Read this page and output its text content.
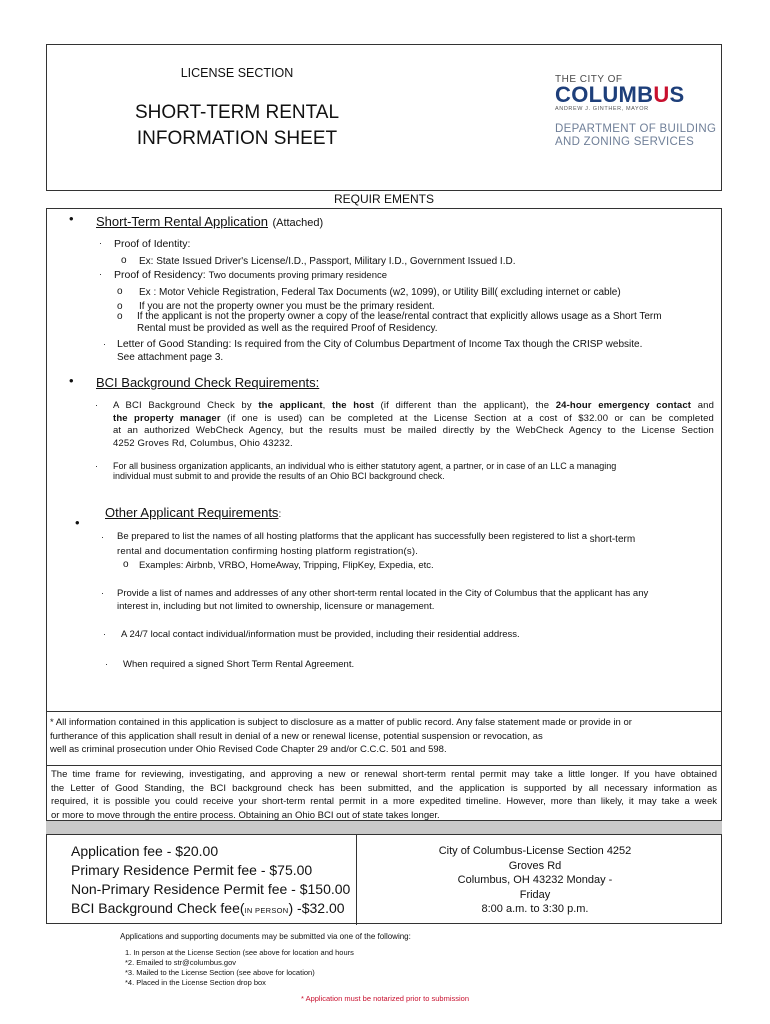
LICENSE SECTION
SHORT-TERM RENTAL
INFORMATION SHEET
THE CITY OF
COLUMBUS
ANDREW J. GINTHER, MAYOR
DEPARTMENT OF BUILDING
AND ZONING SERVICES
REQUIR EMENTS
• Short-Term Rental Application (Attached)
· Proof of Identity:
o Ex: State Issued Driver's License/I.D., Passport, Military I.D., Government Issued I.D.
· Proof of Residency: Two documents proving primary residence
o Ex : Motor Vehicle Registration, Federal Tax Documents (w2, 1099), or Utility Bill( excluding internet or cable)
o If you are not the property owner you must be the primary resident.
o If the applicant is not the property owner a copy of the lease/rental contract that explicitly allows usage as a Short Term
Rental must be provided as well as the required Proof of Residency.
· Letter of Good Standing: Is required from the City of Columbus Department of Income Tax though the CRISP website.
See attachment page 3.
• BCI Background Check Requirements:
· A BCI Background Check by the applicant, the host (if different than the applicant), the 24-hour emergency contact and
the property manager (if one is used) can be completed at the License Section at a cost of $32.00 or can be completed
at an authorized WebCheck Agency, but the results must be mailed directly by the WebCheck Agency to the License Section
4252 Groves Rd, Columbus, Ohio 43232.
· For all business organization applicants, an individual who is either statutory agent, a partner, or in case of an LLC a managing
individual must submit to and provide the results of an Ohio BCI background check.
Other Applicant Requirements:
•
· Be prepared to list the names of all hosting platforms that the applicant has successfully been registered to list a short-term
rental and documentation confirming hosting platform registration(s).
o Examples: Airbnb, VRBO, HomeAway, Tripping, FlipKey, Expedia, etc.
· Provide a list of names and addresses of any other short-term rental located in the City of Columbus that the applicant has any
interest in, including but not limited to ownership, licensure or management.
· A 24/7 local contact individual/information must be provided, including their residential address.
· When required a signed Short Term Rental Agreement.
* All information contained in this application is subject to disclosure as a matter of public record. Any false statement made or provide in or
furtherance of this application shall result in denial of a new or renewal license, potential suspension or revocation, as
well as criminal prosecution under Ohio Revised Code Chapter 29 and/or C.C.C. 501 and 598.
The time frame for reviewing, investigating, and approving a new or renewal short-term rental permit may take a little longer. If you have obtained
the Letter of Good Standing, the BCI background check has been submitted, and the application is supported by all necessary information as
required, it is possible you could receive your short-term rental permit in a more expedited timeline. However, more than likely, it may take a week
or more to move through the entire process. Obtaining an Ohio BCI out of state takes longer.
Application fee - $20.00
Primary Residence Permit fee - $75.00
Non-Primary Residence Permit fee - $150.00
BCI Background Check fee(IN PERSON) -$32.00
City of Columbus-License Section 4252
Groves Rd
Columbus, OH 43232 Monday -
Friday
8:00 a.m. to 3:30 p.m.
Applications and supporting documents may be submitted via one of the following:
1. In person at the License Section (see above for location and hours
*2. Emailed to str@columbus.gov
*3. Mailed to the License Section (see above for location)
*4. Placed in the License Section drop box
* Application must be notarized prior to submission
